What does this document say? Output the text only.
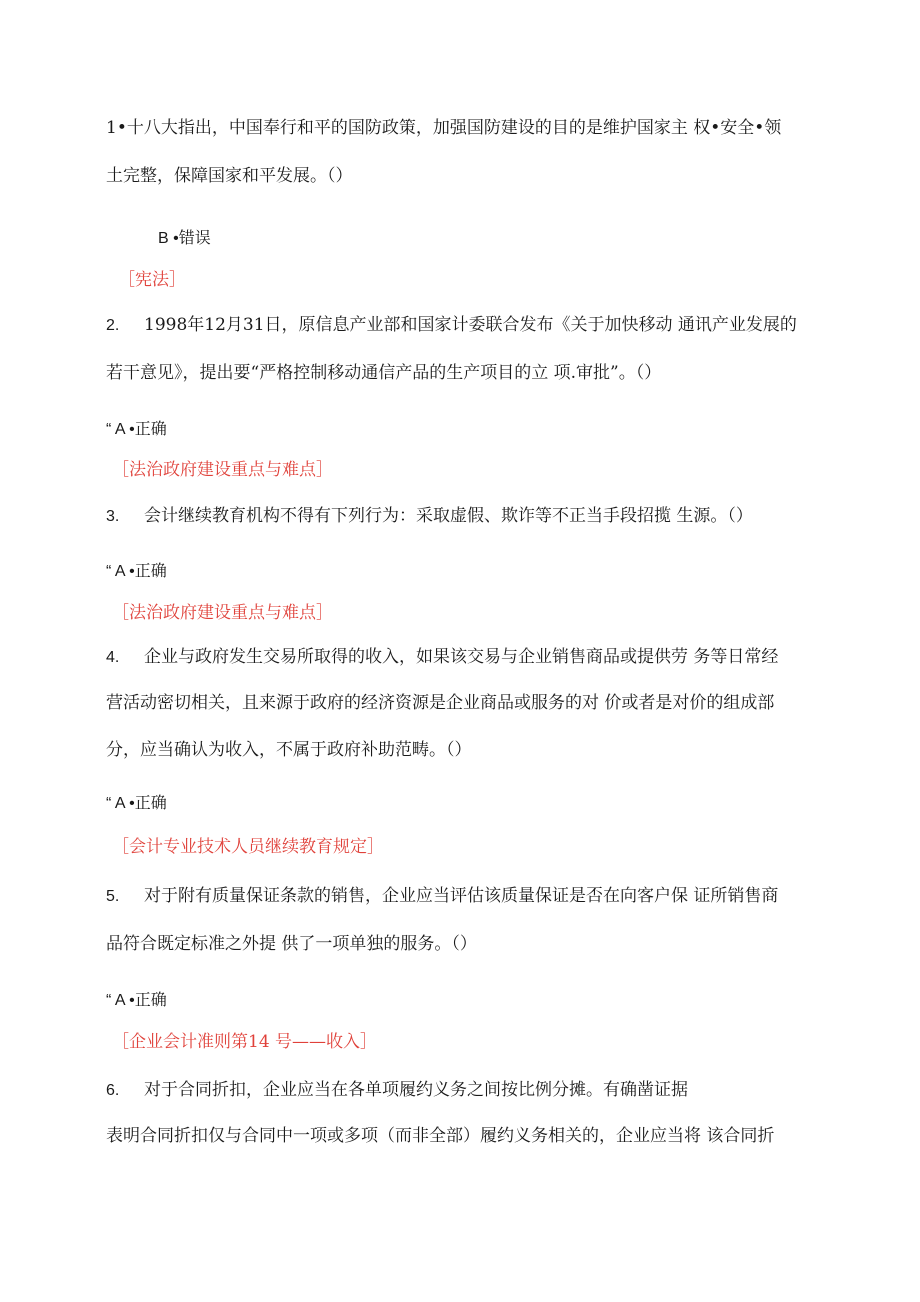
1•十八大指出，中国奉行和平的国防政策，加强国防建设的目的是维护国家主 权•安全•领
土完整，保障国家和平发展。（）
B •错误
［宪法］
2. 1998年12月31日，原信息产业部和国家计委联合发布《关于加快移动 通讯产业发展的
若干意见》，提出要“严格控制移动通信产品的生产项目的立 项.审批”。（）
“ A •正确
［法治政府建设重点与难点］
3. 会计继续教育机构不得有下列行为：采取虚假、欺诈等不正当手段招揽 生源。（）
“ A •正确
［法治政府建设重点与难点］
4. 企业与政府发生交易所取得的收入，如果该交易与企业销售商品或提供劳 务等日常经
营活动密切相关，且来源于政府的经济资源是企业商品或服务的对 价或者是对价的组成部
分，应当确认为收入，不属于政府补助范畴。（）
“ A •正确
［会计专业技术人员继续教育规定］
5. 对于附有质量保证条款的销售，企业应当评估该质量保证是否在向客户保 证所销售商
品符合既定标准之外提 供了一项单独的服务。（）
“ A •正确
［企业会计准则第14 号——收入］
6. 对于合同折扣，企业应当在各单项履约义务之间按比例分摊。有确凿证据
表明合同折扣仅与合同中一项或多项（而非全部）履约义务相关的，企业应当将 该合同折
